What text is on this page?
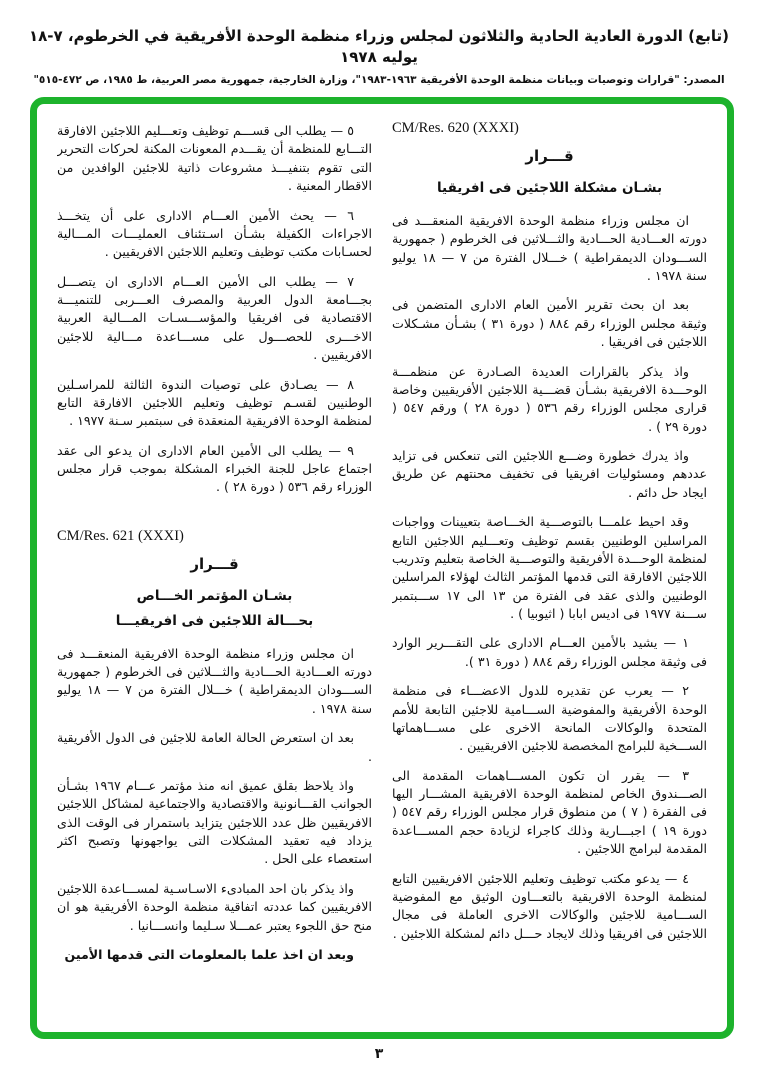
(تابع) الدورة العادية الحادية والثلاثون لمجلس وزراء منظمة الوحدة الأفريقية في الخرطوم، ٧-١٨ يوليه ١٩٧٨
المصدر: "قرارات وتوصيات وبيانات منظمة الوحدة الأفريقية ١٩٦٣-١٩٨٣"، وزارة الخارجية، جمهورية مصر العربية، ط ١٩٨٥، ص ٤٧٢-٥١٥"
CM/Res. 620 (XXXI)
قـــرار
بشـان مشكلة اللاجئين فى افريقيا

ان مجلس وزراء منظمة الوحدة الافريقية المنعقـــد فى دورته العـــادية الحـــادية والثـــلاثين فى الخرطوم ( جمهورية الســـودان الديمقراطية ) خـــلال الفترة من ٧ — ١٨ يوليو سنة ١٩٧٨ .

بعد ان بحث تقرير الأمين العام الادارى المتضمن فى وثيقة مجلس الوزراء رقم ٨٨٤ ( دورة ٣١ ) بشـأن مشـكلات اللاجئين فى افريقيا .

واذ يذكر بالقرارات العديدة الصـادرة عن منظمـــة الوحـــدة الافريقية بشـأن قضـــية اللاجئين الأفريقيين وخاصة قرارى مجلس الوزراء رقم ٥٣٦ ( دورة ٢٨ ) ورقم ٥٤٧ ( دورة ٢٩ ) .

واذ يدرك خطورة وضـــع اللاجئين التى تنعكس فى تزايد عددهم ومسئوليات افريقيا فى تخفيف محنتهم عن طريق ايجاد حل دائم .

وقد احيط علمـــا بالتوصـــية الخـــاصة بتعيينات وواجبات المراسلين الوطنيين بقسم توظيف وتعـــليم اللاجئين التابع لمنظمة الوحـــدة الأفريقية والتوصـــية الخاصة بتعليم وتدريب اللاجئين الافارقة التى قدمها المؤتمر الثالث لهؤلاء المراسلين الوطنيين والذى عقد فى الفترة من ١٣ الى ١٧ ســـبتمبر ســـنة ١٩٧٧ فى اديس ابابا ( اثيوبيا ) .

١ — يشيد بالأمين العـــام الادارى على التقـــرير الوارد فى وثيقة مجلس الوزراء رقم ٨٨٤ ( دورة ٣١ ).

٢ — يعرب عن تقديره للدول الاعضـــاء فى منظمة الوحدة الأفريقية والمفوضية الســـامية للاجئين التابعة للأمم المتحدة والوكالات المانحة الاخرى على مســـاهماتها الســـخية للبرامج المخصصة للاجئين الافريقيين .

٣ — يقرر ان تكون المســـاهمات المقدمة الى الصـــندوق الخاص لمنظمة الوحدة الافريقية المشـــار اليها فى الفقرة ( ٧ ) من منطوق قرار مجلس الوزراء رقم ٥٤٧ ( دورة ١٩ ) اجبـــارية وذلك كاجراء لزيادة حجم المســـاعدة المقدمة لبرامج اللاجئين .

٤ — يدعو مكتب توظيف وتعليم اللاجئين الافريقيين التابع لمنظمة الوحدة الافريقية بالتعـــاون الوثيق مع المفوضية الســـامية للاجئين والوكالات الاخرى العاملة فى مجال اللاجئين فى افريقيا وذلك لايجاد حـــل دائم لمشكلة اللاجئين .

٥ — يطلب الى قســـم توظيف وتعـــليم اللاجئين الافارقة التـــابع للمنظمة أن يقـــدم المعونات المكنة لحركات التحرير التى تقوم بتنفيـــذ مشروعات ذاتية للاجئين الوافدين من الاقطار المعنية .

٦ — يحث الأمين العـــام الادارى على أن يتخـــذ الاجراءات الكفيلة بشـأن اسـتئناف العمليـــات المـــالية لحسـابات مكتب توظيف وتعليم اللاجئين الافريقيين .

٧ — يطلب الى الأمين العـــام الادارى ان يتصـــل بجـــامعة الدول العربية والمصرف العـــربى للتنميـــة الاقتصادية فى افريقيا والمؤســـسـات المـــالية العربية الاخـــرى للحصـــول على مســـاعدة مـــالية للاجئين الافريقيين .

٨ — يصـادق على توصيات الندوة الثالثة للمراسـلين الوطنيين لقسـم توظيف وتعليم اللاجئين الافارقة التابع لمنظمة الوحدة الافريقية المنعقدة فى سبتمبر سـنة ١٩٧٧ .

٩ — يطلب الى الأمين العام الادارى ان يدعو الى عقد اجتماع عاجل للجنة الخبراء المشكلة بموجب قرار مجلس الوزراء رقم ٥٣٦ ( دورة ٢٨ ) .

CM/Res. 621 (XXXI)
قـــرار
بشـان المؤتمر الخـــاص
بحـــالة اللاجئين فى افريقيـــا

ان مجلس وزراء منظمة الوحدة الافريقية المنعقـــد فى دورته العـــادية الحـــادية والثـــلاثين فى الخرطوم ( جمهورية الســـودان الديمقراطية ) خـــلال الفترة من ٧ — ١٨ يوليو سنة ١٩٧٨ .

بعد ان استعرض الحالة العامة للاجئين فى الدول الأفريقية .

واذ يلاحظ بقلق عميق انه منذ مؤتمر عـــام ١٩٦٧ بشـأن الجوانب القـــانونية والاقتصادية والاجتماعية لمشاكل اللاجئين الافريقيين ظل عدد اللاجئين يتزايد باستمرار فى الوقت الذى يزداد فيه تعقيد المشكلات التى يواجهونها وتصبح اكثر استعصاء على الحل .

واذ يذكر بان احد المبادىء الاسـاسـية لمســـاعدة اللاجئين الافريقيين كما عددته اتفاقية منظمة الوحدة الأفريقية هو ان منح حق اللجوء يعتبر عمـــلا سـليما وانســـانيا .

وبعد ان اخذ علما بالمعلومات التى قدمها الأمين

٣
